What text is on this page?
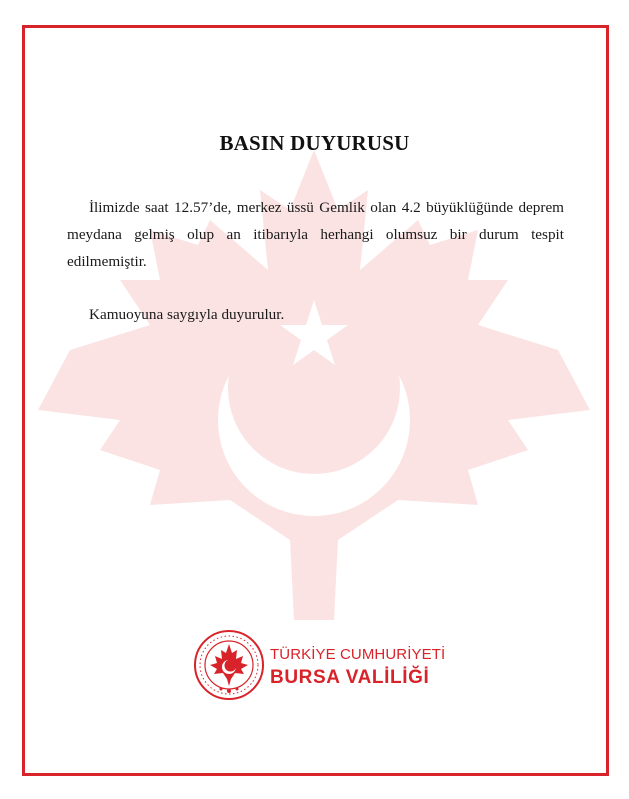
BASIN DUYURUSU
İlimizde saat 12.57’de, merkez üssü Gemlik olan 4.2 büyüklüğünde deprem meydana gelmiş olup an itibarıyla herhangi olumsuz bir durum tespit edilmemiştir.
Kamuoyuna saygıyla duyurulur.
TÜRKİYE CUMHURİYETİ
BURSA VALİLİĞİ
